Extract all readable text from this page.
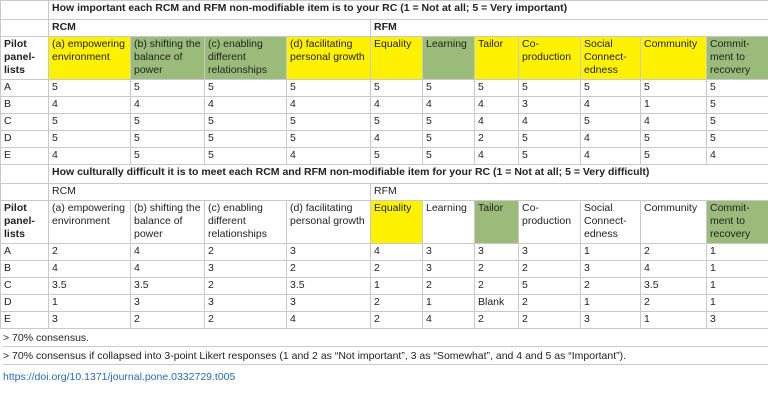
	How important each RCM and RFM non-modifiable item is to your RC (1 = Not at all; 5 = Very important)										
	RCM				RFM						
Pilot panel-lists	(a) empowering environment	(b) shifting the balance of power	(c) enabling different relationships	(d) facilitating personal growth	Equality	Learning	Tailor	Co-production	Social Connect-edness	Community	Commit-ment to recovery
A	5	5	5	5	5	5	5	5	5	5	5
B	4	4	4	4	4	4	4	3	4	1	5
C	5	5	5	5	5	5	4	4	5	4	5
D	5	5	5	5	4	5	2	5	4	5	5
E	4	5	5	4	5	5	4	5	4	5	4
	How culturally difficult it is to meet each RCM and RFM non-modifiable item for your RC (1 = Not at all; 5 = Very difficult)										
	RCM				RFM						
Pilot panel-lists	(a) empowering environment	(b) shifting the balance of power	(c) enabling different relationships	(d) facilitating personal growth	Equality	Learning	Tailor	Co-production	Social Connect-edness	Community	Commit-ment to recovery
A	2	4	2	3	4	3	3	3	1	2	1
B	4	4	3	2	2	3	2	2	3	4	1
C	3.5	3.5	2	3.5	1	2	2	5	2	3.5	1
D	1	3	3	3	2	1	Blank	2	1	2	1
E	3	2	2	4	2	4	2	2	3	1	3
> 70% consensus.
> 70% consensus if collapsed into 3-point Likert responses (1 and 2 as “Not important”, 3 as “Somewhat”, and 4 and 5 as “Important”).
https://doi.org/10.1371/journal.pone.0332729.t005
